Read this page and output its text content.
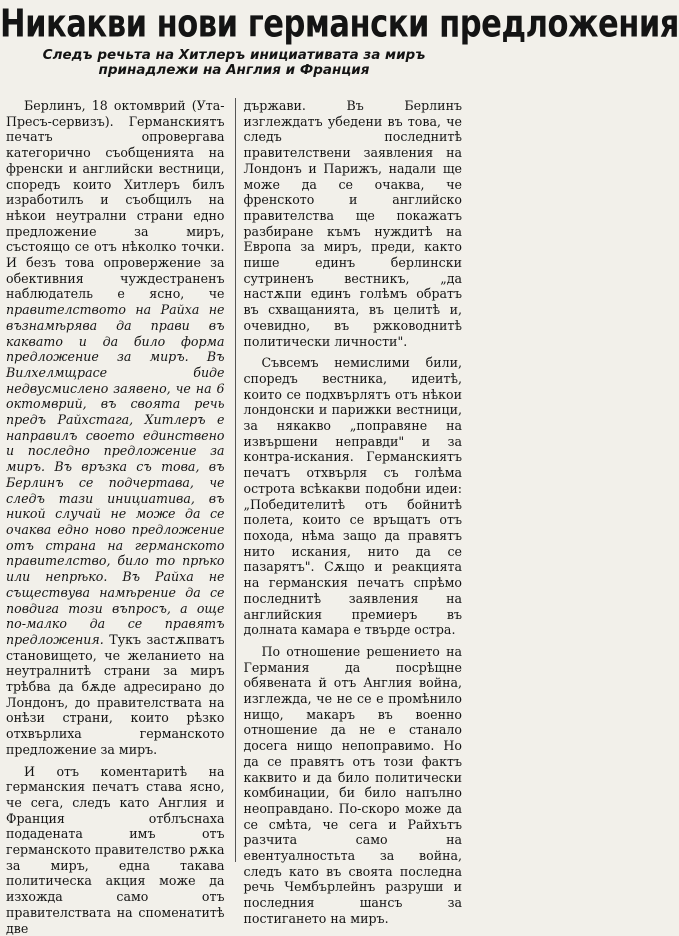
Никакви нови германски предложения
Следъ речьта на Хитлеръ инициативата за миръ принадлежи на Англия и Франция

Берлинъ, 18 октомврий (Ута-Пресъ-сервизъ). Германскиятъ печатъ опровергава категорично съобщенията на френски и английски вестници, споредъ които Хитлеръ билъ изработилъ и съобщилъ на нѣкои неутрални страни едно предложение за миръ, състоящо се отъ нѣколко точки. И безъ това опровержение за обективния чуждестраненъ наблюдатель е ясно, че правителството на Райха не възнамѣрява да прави въ каквато и да било форма предложение за миръ. Въ Вилхелмщрасе биде недвусмислено заявено, че на 6 октомврий, въ своята речь предъ Райхстага, Хитлеръ е направилъ своето единствено и последно предложение за миръ. Въ връзка съ това, въ Берлинъ се подчертава, че следъ тази инициатива, въ никой случай не може да се очаква едно ново предложение отъ страна на германското правителство, било то прѣко или непрѣко. Въ Райха не съществува намѣрение да се повдига този въпросъ, а още по-малко да се правятъ предложения. Тукъ застѫпватъ становището, че желанието на неутралнитѣ страни за миръ трѣбва да бѫде адресирано до Лондонъ, до правителствата на онѣзи страни, които рѣзко отхвърлиха германското предложение за миръ.

И отъ коментаритѣ на германския печатъ става ясно, че сега, следъ като Англия и Франция отблъснаха подадената имъ отъ германското правителство рѫка за миръ, една такава политическа акция може да изхожда само отъ правителствата на споменатитѣ две

държави. Въ Берлинъ изглеждатъ убедени въ това, че следъ последнитѣ правителствени заявления на Лондонъ и Парижъ, надали ще може да се очаква, че френското и английско правителства ще покажатъ разбиране къмъ нуждитѣ на Европа за миръ, преди, както пише единъ берлински сутриненъ вестникъ, „да настѫпи единъ голѣмъ обратъ въ схващанията, въ целитѣ и, очевидно, въ ржководнитѣ политически личности".

Съвсемъ немислими били, споредъ вестника, идеитѣ, които се подхвърлятъ отъ нѣкои лондонски и парижки вестници, за някакво „поправяне на извършени неправди" и за контра-искания. Германскиятъ печатъ отхвърля съ голѣма острота всѣкакви подобни идеи: „Победителитѣ отъ бойнитѣ полета, които се връщатъ отъ похода, нѣма защо да правятъ нито искания, нито да се пазарятъ". Сѫщо и реакцията на германския печатъ спрѣмо последнитѣ заявления на английския премиеръ въ долната камара е твърде остра.

По отношение решението на Германия да посрѣщне обявената й отъ Англия война, изглежда, че не се е промѣнило нищо, макаръ въ военно отношение да не е станало досега нищо непоправимо. Но да се правятъ отъ този фактъ каквито и да било политически комбинации, би било напълно неоправдано. По-скоро може да се смѣта, че сега и Райхътъ разчита само на евентуалностьта за война, следъ като въ своята последна речь Чембърлейнъ разруши и последния шансъ за постигането на миръ.
